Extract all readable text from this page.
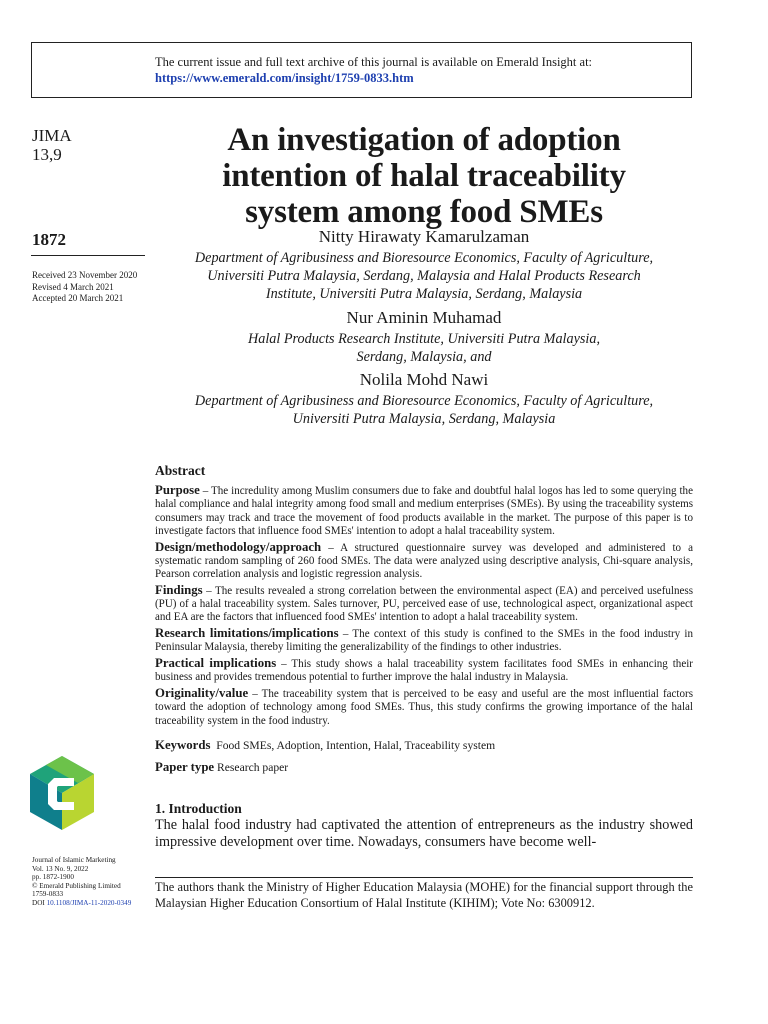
The current issue and full text archive of this journal is available on Emerald Insight at:
https://www.emerald.com/insight/1759-0833.htm
JIMA
13,9
1872
Received 23 November 2020
Revised 4 March 2021
Accepted 20 March 2021
Journal of Islamic Marketing
Vol. 13 No. 9, 2022
pp. 1872-1900
© Emerald Publishing Limited
1759-0833
DOI 10.1108/JIMA-11-2020-0349
An investigation of adoption
intention of halal traceability
system among food SMEs
Nitty Hirawaty Kamarulzaman
Department of Agribusiness and Bioresource Economics, Faculty of Agriculture,
Universiti Putra Malaysia, Serdang, Malaysia and Halal Products Research
Institute, Universiti Putra Malaysia, Serdang, Malaysia
Nur Aminin Muhamad
Halal Products Research Institute, Universiti Putra Malaysia,
Serdang, Malaysia, and
Nolila Mohd Nawi
Department of Agribusiness and Bioresource Economics, Faculty of Agriculture,
Universiti Putra Malaysia, Serdang, Malaysia
Abstract

Purpose – The incredulity among Muslim consumers due to fake and doubtful halal logos has led to some querying the halal compliance and halal integrity among food small and medium enterprises (SMEs). By using the traceability systems consumers may track and trace the movement of food products available in the market. The purpose of this paper is to investigate factors that influence food SMEs' intention to adopt a halal traceability system.

Design/methodology/approach – A structured questionnaire survey was developed and administered to a systematic random sampling of 260 food SMEs. The data were analyzed using descriptive analysis, Chi-square analysis, Pearson correlation analysis and logistic regression analysis.

Findings – The results revealed a strong correlation between the environmental aspect (EA) and perceived usefulness (PU) of a halal traceability system. Sales turnover, PU, perceived ease of use, technological aspect, organizational aspect and EA are the factors that influenced food SMEs' intention to adopt a halal traceability system.

Research limitations/implications – The context of this study is confined to the SMEs in the food industry in Peninsular Malaysia, thereby limiting the generalizability of the findings to other industries.

Practical implications – This study shows a halal traceability system facilitates food SMEs in enhancing their business and provides tremendous potential to further improve the halal industry in Malaysia.

Originality/value – The traceability system that is perceived to be easy and useful are the most influential factors toward the adoption of technology among food SMEs. Thus, this study confirms the growing importance of the halal traceability system in the food industry.

Keywords Food SMEs, Adoption, Intention, Halal, Traceability system
Paper type Research paper
1. Introduction
The halal food industry had captivated the attention of entrepreneurs as the industry showed impressive development over time. Nowadays, consumers have become well-
The authors thank the Ministry of Higher Education Malaysia (MOHE) for the financial support through the Malaysian Higher Education Consortium of Halal Institute (KIHIM); Vote No: 6300912.
